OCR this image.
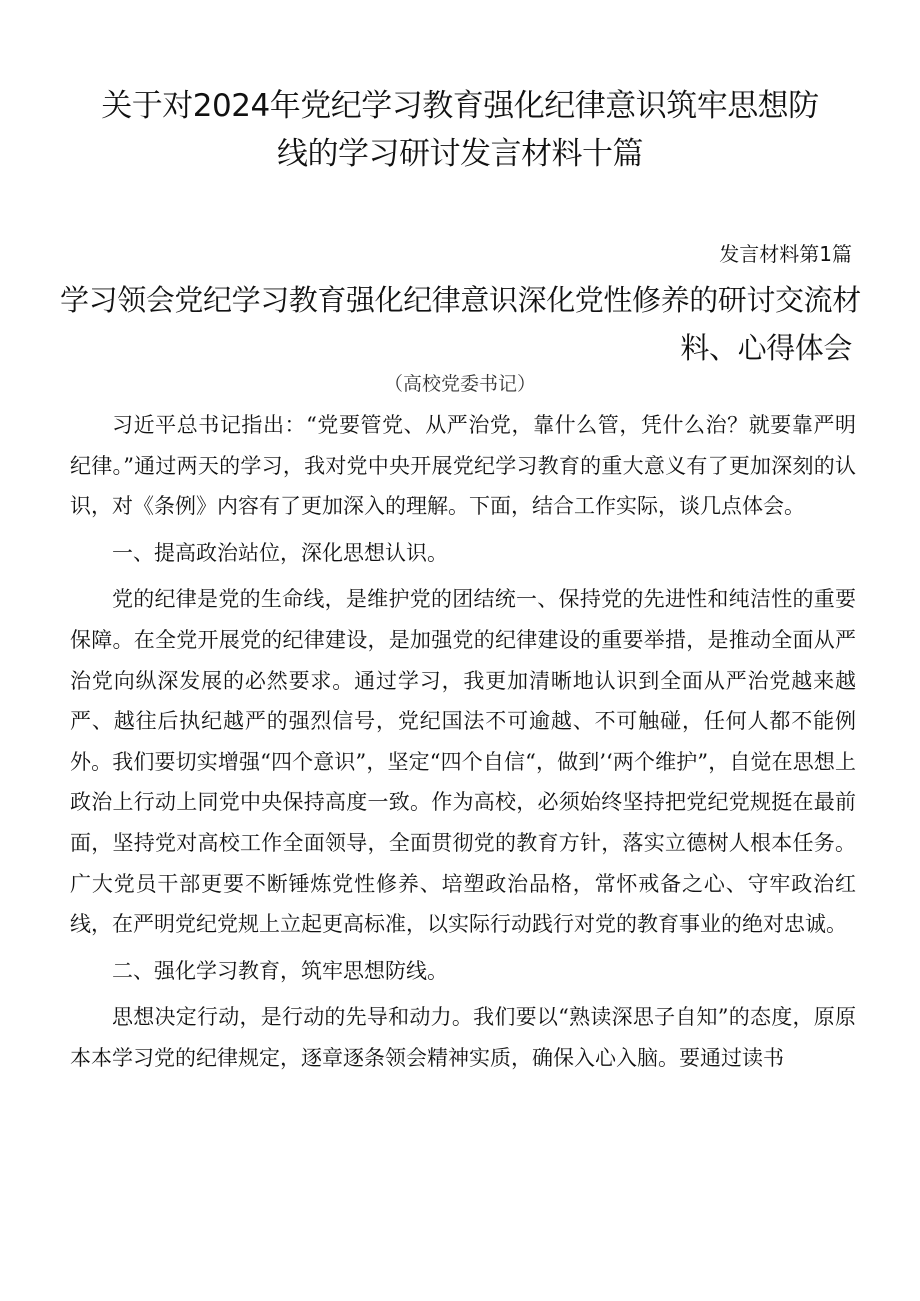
关于对2024年党纪学习教育强化纪律意识筑牢思想防
线的学习研讨发言材料十篇

发言材料第1篇

学习领会党纪学习教育强化纪律意识深化党性修养的研讨交流材
料、心得体会

（高校党委书记）

习近平总书记指出：“党要管党、从严治党，靠什么管，凭什么治？就要靠严明纪律。”通过两天的学习，我对党中央开展党纪学习教育的重大意义有了更加深刻的认识，对《条例》内容有了更加深入的理解。下面，结合工作实际，谈几点体会。

一、提高政治站位，深化思想认识。

党的纪律是党的生命线，是维护党的团结统一、保持党的先进性和纯洁性的重要保障。在全党开展党的纪律建设，是加强党的纪律建设的重要举措，是推动全面从严治党向纵深发展的必然要求。通过学习，我更加清晰地认识到全面从严治党越来越严、越往后执纪越严的强烈信号，党纪国法不可逾越、不可触碰，任何人都不能例外。我们要切实增强“四个意识”，坚定“四个自信“，做到’‘两个维护”，自觉在思想上政治上行动上同党中央保持高度一致。作为高校，必须始终坚持把党纪党规挺在最前面，坚持党对高校工作全面领导，全面贯彻党的教育方针，落实立德树人根本任务。广大党员干部更要不断锤炼党性修养、培塑政治品格，常怀戒备之心、守牢政治红线，在严明党纪党规上立起更高标准，以实际行动践行对党的教育事业的绝对忠诚。

二、强化学习教育，筑牢思想防线。

思想决定行动，是行动的先导和动力。我们要以“熟读深思子自知”的态度，原原本本学习党的纪律规定，逐章逐条领会精神实质，确保入心入脑。要通过读书
